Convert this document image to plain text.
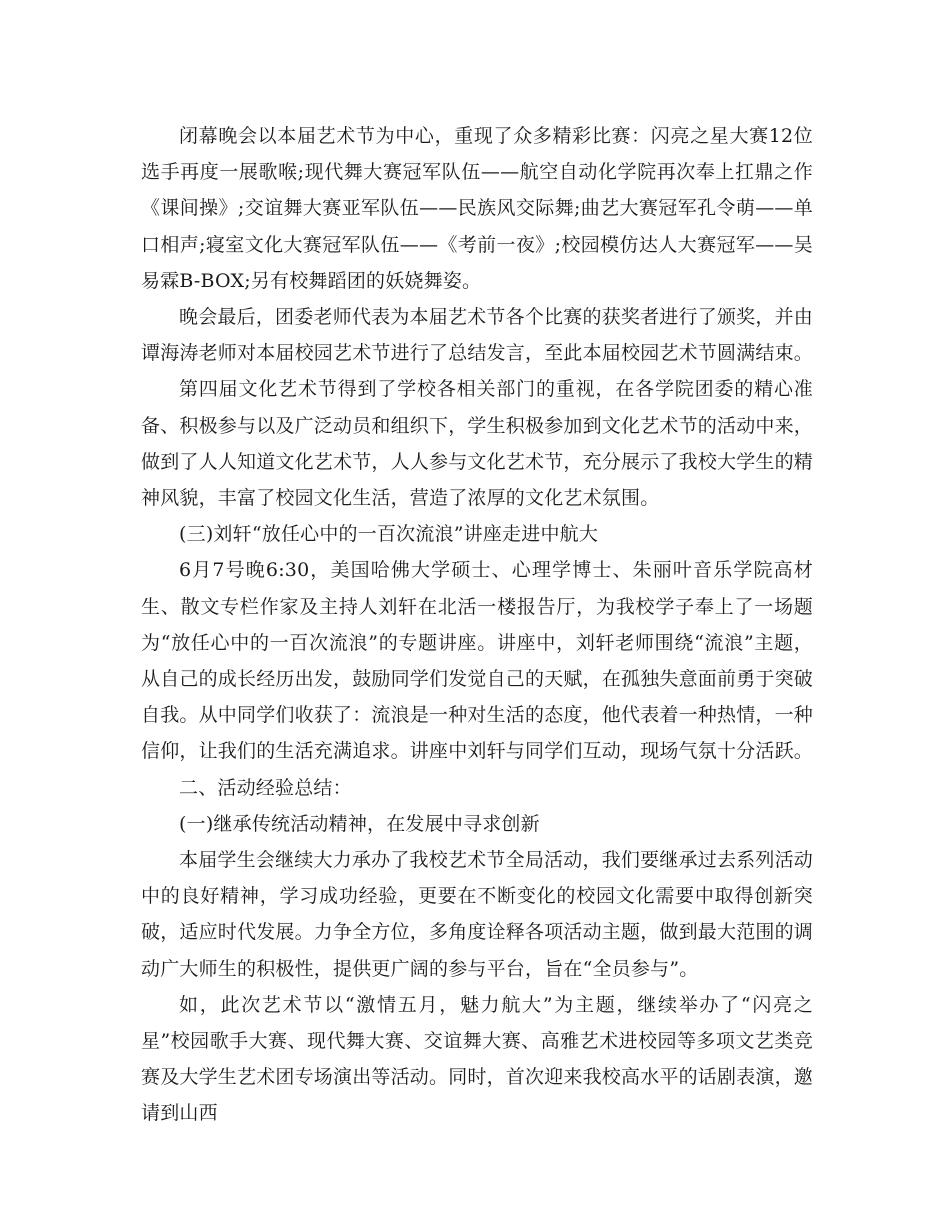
闭幕晚会以本届艺术节为中心，重现了众多精彩比赛：闪亮之星大赛12位选手再度一展歌喉;现代舞大赛冠军队伍——航空自动化学院再次奉上扛鼎之作《课间操》;交谊舞大赛亚军队伍——民族风交际舞;曲艺大赛冠军孔令萌——单口相声;寝室文化大赛冠军队伍——《考前一夜》;校园模仿达人大赛冠军——吴易霖B-BOX;另有校舞蹈团的妖娆舞姿。

晚会最后，团委老师代表为本届艺术节各个比赛的获奖者进行了颁奖，并由谭海涛老师对本届校园艺术节进行了总结发言，至此本届校园艺术节圆满结束。

第四届文化艺术节得到了学校各相关部门的重视，在各学院团委的精心准备、积极参与以及广泛动员和组织下，学生积极参加到文化艺术节的活动中来，做到了人人知道文化艺术节，人人参与文化艺术节，充分展示了我校大学生的精神风貌，丰富了校园文化生活，营造了浓厚的文化艺术氛围。

(三)刘轩“放任心中的一百次流浪”讲座走进中航大

6月7号晚6:30，美国哈佛大学硕士、心理学博士、朱丽叶音乐学院高材生、散文专栏作家及主持人刘轩在北活一楼报告厅，为我校学子奉上了一场题为“放任心中的一百次流浪”的专题讲座。讲座中，刘轩老师围绕“流浪”主题，从自己的成长经历出发，鼓励同学们发觉自己的天赋，在孤独失意面前勇于突破自我。从中同学们收获了：流浪是一种对生活的态度，他代表着一种热情，一种信仰，让我们的生活充满追求。讲座中刘轩与同学们互动，现场气氛十分活跃。

二、活动经验总结：

(一)继承传统活动精神，在发展中寻求创新

本届学生会继续大力承办了我校艺术节全局活动，我们要继承过去系列活动中的良好精神，学习成功经验，更要在不断变化的校园文化需要中取得创新突破，适应时代发展。力争全方位，多角度诠释各项活动主题，做到最大范围的调动广大师生的积极性，提供更广阔的参与平台，旨在“全员参与”。

如，此次艺术节以“激情五月，魅力航大”为主题，继续举办了“闪亮之星”校园歌手大赛、现代舞大赛、交谊舞大赛、高雅艺术进校园等多项文艺类竞赛及大学生艺术团专场演出等活动。同时，首次迎来我校高水平的话剧表演，邀请到山西
